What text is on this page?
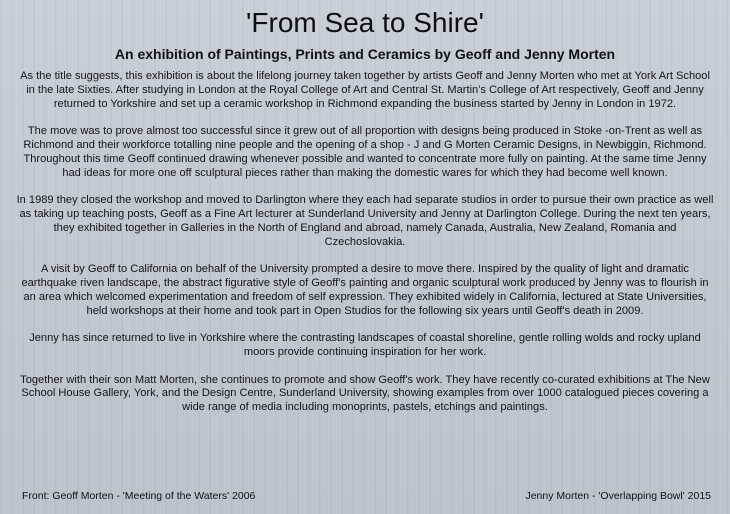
'From Sea to Shire'
An exhibition of Paintings, Prints and Ceramics by Geoff and Jenny Morten

As the title suggests, this exhibition is about the lifelong journey taken together by artists Geoff and Jenny Morten who met at York Art School in the late Sixties. After studying in London at the Royal College of Art and Central St. Martin's College of Art respectively, Geoff and Jenny returned to Yorkshire and set up a ceramic workshop in Richmond expanding the business started by Jenny in London in 1972.

The move was to prove almost too successful since it grew out of all proportion with designs being produced in Stoke -on-Trent as well as Richmond and their workforce totalling nine people and the opening of a shop - J and G Morten Ceramic Designs, in Newbiggin, Richmond. Throughout this time Geoff continued drawing whenever possible and wanted to concentrate more fully on painting. At the same time Jenny had ideas for more one off sculptural pieces rather than making the domestic wares for which they had become well known.

In 1989 they closed the workshop and moved to Darlington where they each had separate studios in order to pursue their own practice as well as taking up teaching posts, Geoff as a Fine Art lecturer at Sunderland University and Jenny at Darlington College. During the next ten years, they exhibited together in Galleries in the North of England and abroad, namely Canada, Australia, New Zealand, Romania and Czechoslovakia.

A visit by Geoff to California on behalf of the University prompted a desire to move there. Inspired by the quality of light and dramatic earthquake riven landscape, the abstract figurative style of Geoff's painting and organic sculptural work produced by Jenny was to flourish in an area which welcomed experimentation and freedom of self expression. They exhibited widely in California, lectured at State Universities, held workshops at their home and took part in Open Studios for the following six years until Geoff's death in 2009.

Jenny has since returned to live in Yorkshire where the contrasting landscapes of coastal shoreline, gentle rolling wolds and rocky upland moors provide continuing inspiration for her work.

Together with their son Matt Morten, she continues to promote and show Geoff's work. They have recently co-curated exhibitions at The New School House Gallery, York, and the Design Centre, Sunderland University, showing examples from over 1000 catalogued pieces covering a wide range of media including monoprints, pastels, etchings and paintings.

Front: Geoff Morten - 'Meeting of the Waters' 2006	Jenny Morten - 'Overlapping Bowl' 2015
